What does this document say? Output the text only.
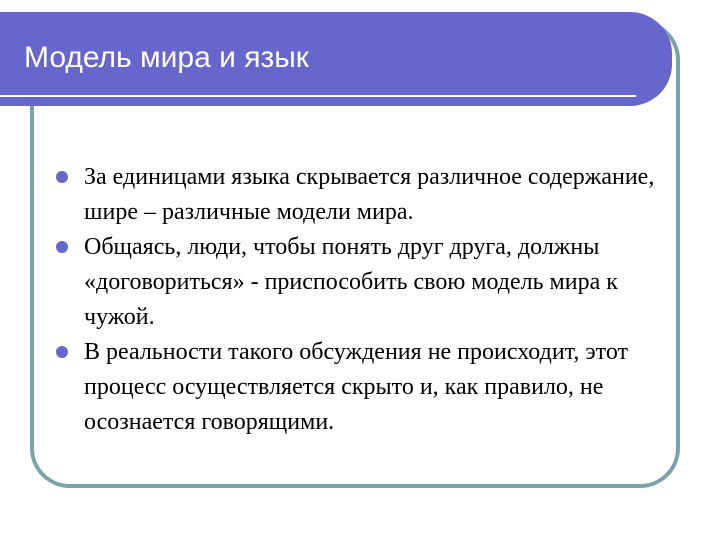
Модель мира и язык
За единицами языка скрывается различное содержание, шире – различные модели мира.
Общаясь, люди, чтобы понять друг друга, должны «договориться» - приспособить свою модель мира к чужой.
В реальности такого обсуждения не происходит, этот процесс осуществляется скрыто и, как правило, не осознается говорящими.
